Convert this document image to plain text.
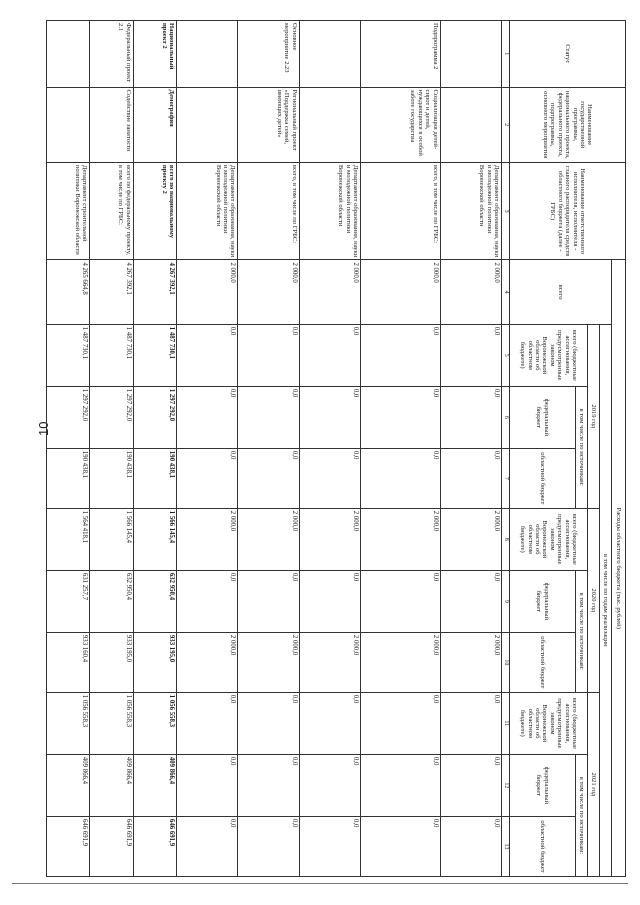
10
Статус	Наименование государственной программы, национального проекта, федерального проекта, подпрограммы, основного мероприятия	Наименование ответственного исполнителя, исполнителя - главного распорядителя средств областного бюджета (далее - ГРБС)	Расходы областного бюджета (тыс. рублей)									
			всего	в том числе по годам реализации								
				2019 год			2020 год			2021 год		
				всего (бюджетные ассигнования, предусмотренные законом Воронежской области об областном бюджете)	в том числе по источникам:		всего (бюджетные ассигнования, предусмотренные законом Воронежской области об областном бюджете)	в том числе по источникам:		всего (бюджетные ассигнования, предусмотренные законом Воронежской области об областном бюджете)	в том числе по источникам:	
					федеральный бюджет	областной бюджет		федеральный бюджет	областной бюджет		федеральный бюджет	областной бюджет
1	2	3	4	5	6	7	8	9	10	11	12	13
		Департамент образования, науки и молодежной политики Воронежской области	2 000,0	0,0	0,0	0,0	2 000,0	0,0	2 000,0	0,0	0,0	0,0
Подпрограмма 2	Социализация детей-сирот и детей, нуждающихся в особой заботе государства	всего, в том числе по ГРБС:	2 000,0	0,0	0,0	0,0	2 000,0	0,0	2 000,0	0,0	0,0	0,0
		Департамент образования, науки и молодежной политики Воронежской области	2 000,0	0,0	0,0	0,0	2 000,0	0,0	2 000,0	0,0	0,0	0,0
Основное мероприятие 2.23	Региональный проект «Поддержка семей, имеющих детей»	всего, в том числе по ГРБС:	2 000,0	0,0	0,0	0,0	2 000,0	0,0	2 000,0	0,0	0,0	0,0
		Департамент образования, науки и молодежной политики Воронежской области	2 000,0	0,0	0,0	0,0	2 000,0	0,0	2 000,0	0,0	0,0	0,0
Национальный проект 2	Демография	всего по национальному проекту 2	4 267 392,1	1 487 730,1	1 297 292,0	190 438,1	1 566 145,4	632 950,4	933 195,0	1 056 558,3	409 866,4	646 691,9
Федеральный проект 2.1	Содействие занятости	всего по федеральному проекту, в том числе по ГРБС:	4 267 392,1	1 487 730,1	1 297 292,0	190 438,1	1 566 145,4	632 950,4	933 195,0	1 056 558,3	409 866,4	646 691,9
		Департамент строительной политики Воронежской области	4 265 664,8	1 487 730,1	1 297 292,0	190 438,1	1 564 418,1	631 257,7	933 160,4	1 056 558,3	409 866,4	646 691,9
